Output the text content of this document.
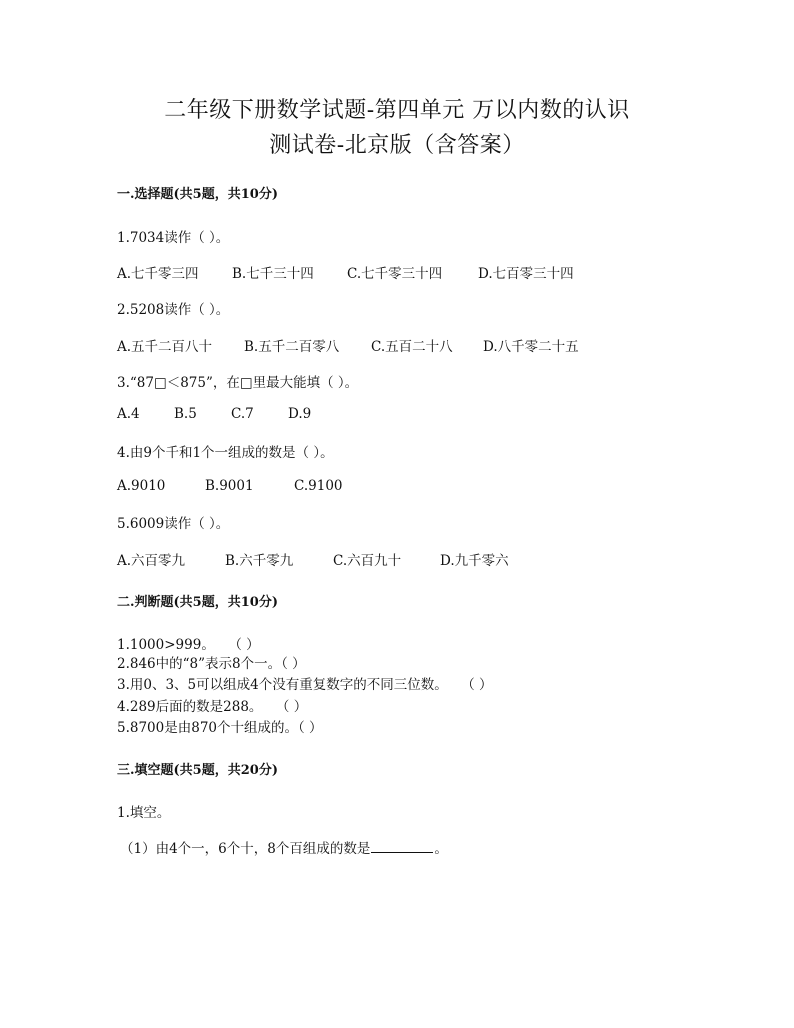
二年级下册数学试题-第四单元 万以内数的认识
测试卷-北京版（含答案）
一.选择题(共5题，共10分)
1.7034读作（ ）。
A.七千零三四 B.七千三十四 C.七千零三十四	D.七百零三十四
2.5208读作（ ）。
A.五千二百八十 B.五千二百零八 C.五百二十八 D.八千零二十五
3.“87□＜875”，在□里最大能填（ ）。
A.4	B.5	C.7	D.9
4.由9个千和1个一组成的数是（ ）。
A.9010	B.9001	C.9100
5.6009读作（ ）。
A.六百零九	B.六千零九	C.六百九十	D.九千零六
二.判断题(共5题，共10分)
1.1000>999。　　（ ）
2.846中的“8”表示8个一。（ ）
3.用0、3、5可以组成4个没有重复数字的不同三位数。　　（ ）
4.289后面的数是288。　　（ ）
5.8700是由870个十组成的。（ ）
三.填空题(共5题，共20分)
1.填空。
（1）由4个一，6个十，8个百组成的数是	。
